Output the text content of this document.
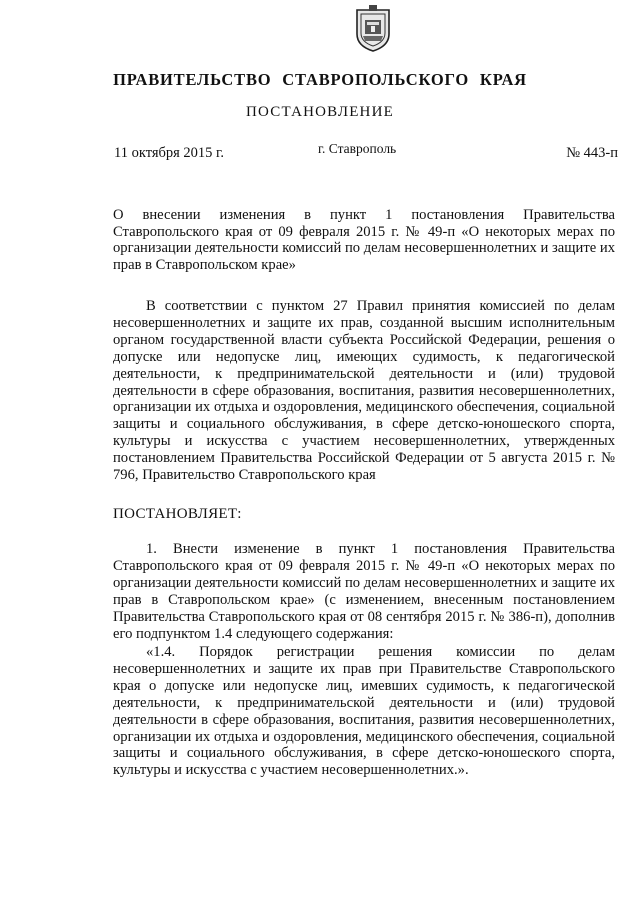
ПРАВИТЕЛЬСТВО СТАВРОПОЛЬСКОГО КРАЯ
ПОСТАНОВЛЕНИЕ
11 октября 2015 г.	г. Ставрополь	№ 443-п
О внесении изменения в пункт 1 постановления Правительства Ставропольского края от 09 февраля 2015 г. № 49-п «О некоторых мерах по организации деятельности комиссий по делам несовершеннолетних и защите их прав в Ставропольском крае»
В соответствии с пунктом 27 Правил принятия комиссией по делам несовершеннолетних и защите их прав, созданной высшим исполнительным органом государственной власти субъекта Российской Федерации, решения о допуске или недопуске лиц, имеющих судимость, к педагогической деятельности, к предпринимательской деятельности и (или) трудовой деятельности в сфере образования, воспитания, развития несовершеннолетних, организации их отдыха и оздоровления, медицинского обеспечения, социальной защиты и социального обслуживания, в сфере детско-юношеского спорта, культуры и искусства с участием несовершеннолетних, утвержденных постановлением Правительства Российской Федерации от 5 августа 2015 г. № 796, Правительство Ставропольского края
ПОСТАНОВЛЯЕТ:
1. Внести изменение в пункт 1 постановления Правительства Ставропольского края от 09 февраля 2015 г. № 49-п «О некоторых мерах по организации деятельности комиссий по делам несовершеннолетних и защите их прав в Ставропольском крае» (с изменением, внесенным постановлением Правительства Ставропольского края от 08 сентября 2015 г. № 386-п), дополнив его подпунктом 1.4 следующего содержания:
«1.4. Порядок регистрации решения комиссии по делам несовершеннолетних и защите их прав при Правительстве Ставропольского края о допуске или недопуске лиц, имевших судимость, к педагогической деятельности, к предпринимательской деятельности и (или) трудовой деятельности в сфере образования, воспитания, развития несовершеннолетних, организации их отдыха и оздоровления, медицинского обеспечения, социальной защиты и социального обслуживания, в сфере детско-юношеского спорта, культуры и искусства с участием несовершеннолетних.».
